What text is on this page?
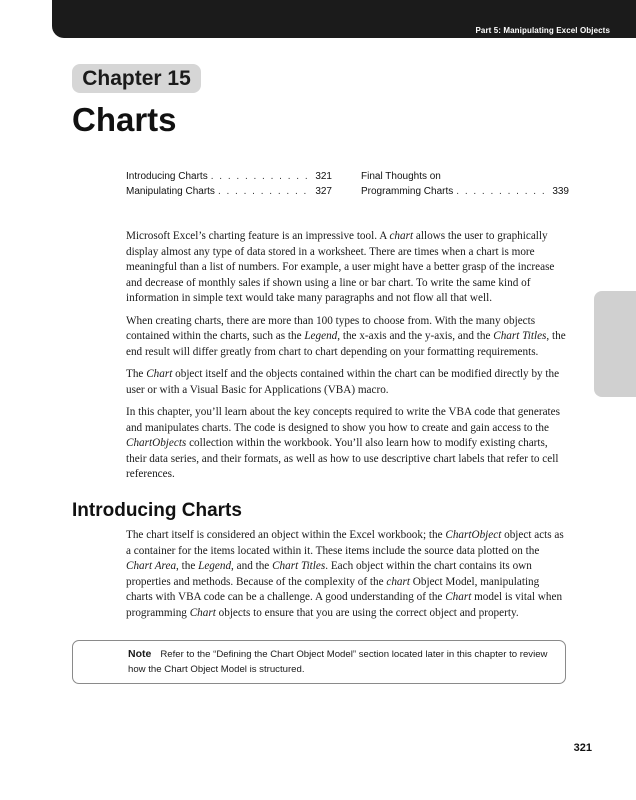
Part 5: Manipulating Excel Objects
Chapter 15
Charts
Introducing Charts . . .	321
Manipulating Charts . . .	327
Final Thoughts on
Programming Charts . . .	339

Microsoft Excel’s charting feature is an impressive tool. A chart allows the user to graphically display almost any type of data stored in a worksheet. There are times when a chart is more meaningful than a list of numbers. For example, a user might have a better grasp of the increase and decrease of monthly sales if shown using a line or bar chart. To write the same kind of information in simple text would take many paragraphs and not flow all that well.

When creating charts, there are more than 100 types to choose from. With the many objects contained within the charts, such as the Legend, the x-axis and the y-axis, and the Chart Titles, the end result will differ greatly from chart to chart depending on your formatting requirements.

The Chart object itself and the objects contained within the chart can be modified directly by the user or with a Visual Basic for Applications (VBA) macro.

In this chapter, you’ll learn about the key concepts required to write the VBA code that generates and manipulates charts. The code is designed to show you how to create and gain access to the ChartObjects collection within the workbook. You’ll also learn how to modify existing charts, their data series, and their formats, as well as how to use descriptive chart labels that refer to cell references.

Introducing Charts

The chart itself is considered an object within the Excel workbook; the ChartObject object acts as a container for the items located within it. These items include the source data plotted on the Chart Area, the Legend, and the Chart Titles. Each object within the chart contains its own properties and methods. Because of the complexity of the chart Object Model, manipulating charts with VBA code can be a challenge. A good understanding of the Chart model is vital when programming Chart objects to ensure that you are using the correct object and property.

Note Refer to the “Defining the Chart Object Model” section located later in this chapter to review how the Chart Object Model is structured.
321
